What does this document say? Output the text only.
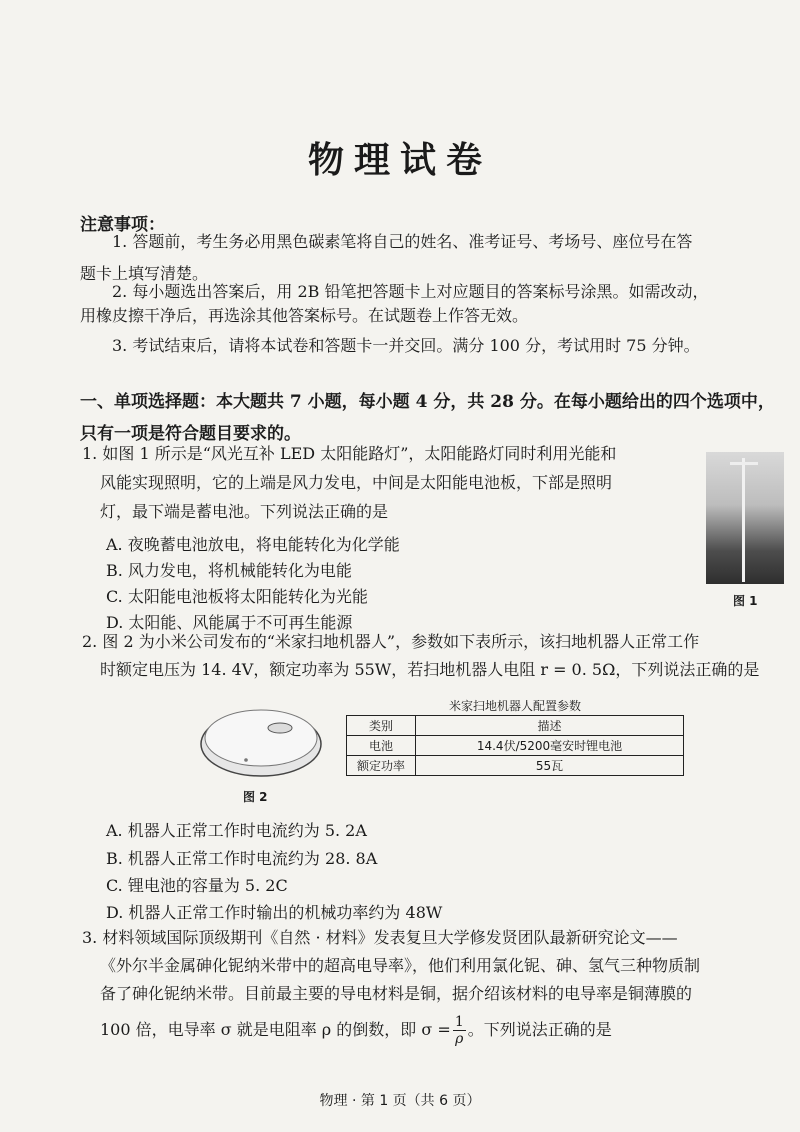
物理试卷
注意事项：
1. 答题前，考生务必用黑色碳素笔将自己的姓名、准考证号、考场号、座位号在答
题卡上填写清楚。
2. 每小题选出答案后，用 2B 铅笔把答题卡上对应题目的答案标号涂黑。如需改动，
用橡皮擦干净后，再选涂其他答案标号。在试题卷上作答无效。
3. 考试结束后，请将本试卷和答题卡一并交回。满分 100 分，考试用时 75 分钟。
一、单项选择题：本大题共 7 小题，每小题 4 分，共 28 分。在每小题给出的四个选项中，
只有一项是符合题目要求的。
1. 如图 1 所示是“风光互补 LED 太阳能路灯”，太阳能路灯同时利用光能和
风能实现照明，它的上端是风力发电，中间是太阳能电池板，下部是照明
灯，最下端是蓄电池。下列说法正确的是
A. 夜晚蓄电池放电，将电能转化为化学能
B. 风力发电，将机械能转化为电能
C. 太阳能电池板将太阳能转化为光能
D. 太阳能、风能属于不可再生能源
图 1
2. 图 2 为小米公司发布的“米家扫地机器人”，参数如下表所示，该扫地机器人正常工作
时额定电压为 14. 4V，额定功率为 55W，若扫地机器人电阻 r = 0. 5Ω，下列说法正确的是
图 2
米家扫地机器人配置参数
类别	描述
电池	14.4伏/5200毫安时锂电池
额定功率	55瓦
A. 机器人正常工作时电流约为 5. 2A
B. 机器人正常工作时电流约为 28. 8A
C. 锂电池的容量为 5. 2C
D. 机器人正常工作时输出的机械功率约为 48W
3. 材料领域国际顶级期刊《自然 · 材料》发表复旦大学修发贤团队最新研究论文——
《外尔半金属砷化铌纳米带中的超高电导率》，他们利用氯化铌、砷、氢气三种物质制
备了砷化铌纳米带。目前最主要的导电材料是铜，据介绍该材料的电导率是铜薄膜的
100 倍，电导率 σ 就是电阻率 ρ 的倒数，即 $\sigma = \frac{1}{\rho}$ 。下列说法正确的是
物理 · 第 1 页（共 6 页）
